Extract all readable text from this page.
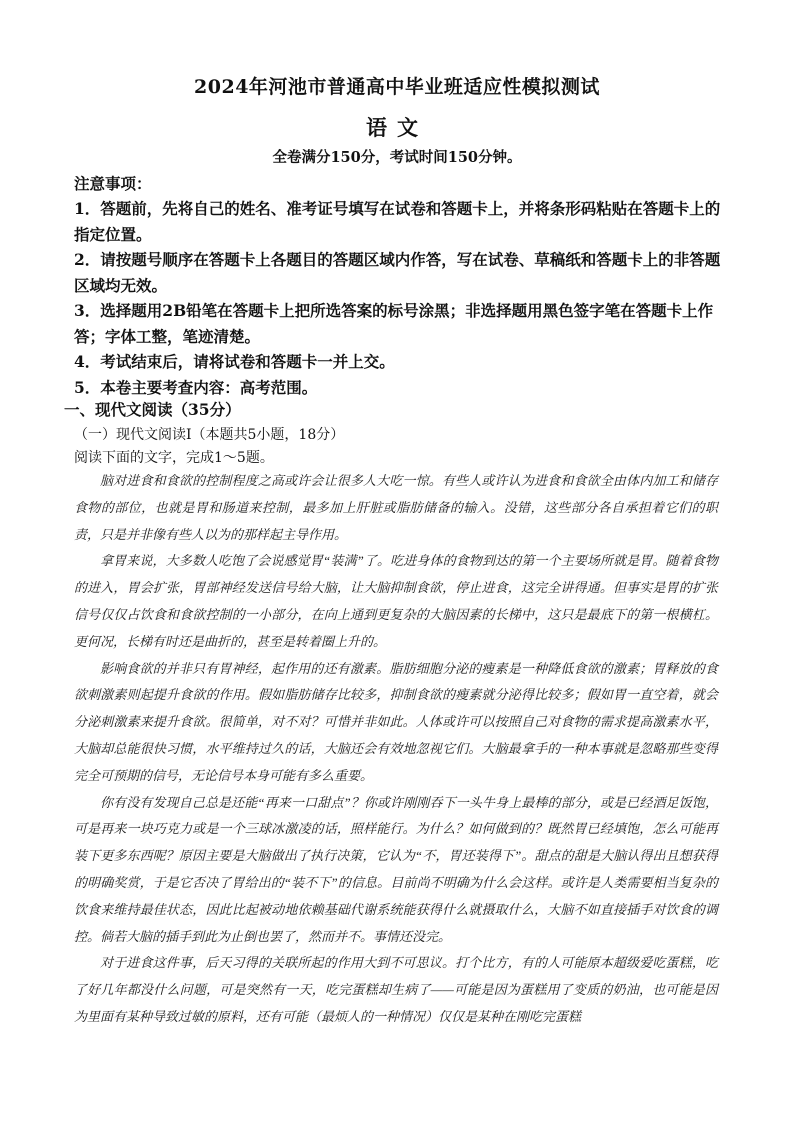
2024年河池市普通高中毕业班适应性模拟测试
语文
全卷满分150分，考试时间150分钟。
注意事项：
1．答题前，先将自己的姓名、准考证号填写在试卷和答题卡上，并将条形码粘贴在答题卡上的指定位置。
2．请按题号顺序在答题卡上各题目的答题区域内作答，写在试卷、草稿纸和答题卡上的非答题区域均无效。
3．选择题用2B铅笔在答题卡上把所选答案的标号涂黑；非选择题用黑色签字笔在答题卡上作答；字体工整，笔迹清楚。
4．考试结束后，请将试卷和答题卡一并上交。
5．本卷主要考查内容：高考范围。
一、现代文阅读（35分）
（一）现代文阅读Ⅰ（本题共5小题，18分）
阅读下面的文字，完成1～5题。

脑对进食和食欲的控制程度之高或许会让很多人大吃一惊。有些人或许认为进食和食欲全由体内加工和储存食物的部位，也就是胃和肠道来控制，最多加上肝脏或脂肪储备的输入。没错，这些部分各自承担着它们的职责，只是并非像有些人以为的那样起主导作用。

拿胃来说，大多数人吃饱了会说感觉胃“装满”了。吃进身体的食物到达的第一个主要场所就是胃。随着食物的进入，胃会扩张，胃部神经发送信号给大脑，让大脑抑制食欲，停止进食，这完全讲得通。但事实是胃的扩张信号仅仅占饮食和食欲控制的一小部分，在向上通到更复杂的大脑因素的长梯中，这只是最底下的第一根横杠。更何况，长梯有时还是曲折的，甚至是转着圈上升的。

影响食欲的并非只有胃神经，起作用的还有激素。脂肪细胞分泌的瘦素是一种降低食欲的激素；胃释放的食欲刺激素则起提升食欲的作用。假如脂肪储存比较多，抑制食欲的瘦素就分泌得比较多；假如胃一直空着，就会分泌刺激素来提升食欲。很简单，对不对？可惜并非如此。人体或许可以按照自己对食物的需求提高激素水平，大脑却总能很快习惯，水平维持过久的话，大脑还会有效地忽视它们。大脑最拿手的一种本事就是忽略那些变得完全可预期的信号，无论信号本身可能有多么重要。

你有没有发现自己总是还能“再来一口甜点”？你或许刚刚吞下一头牛身上最棒的部分，或是已经酒足饭饱，可是再来一块巧克力或是一个三球冰激凌的话，照样能行。为什么？如何做到的？既然胃已经填饱，怎么可能再装下更多东西呢？原因主要是大脑做出了执行决策，它认为“不，胃还装得下”。甜点的甜是大脑认得出且想获得的明确奖赏，于是它否决了胃给出的“装不下”的信息。目前尚不明确为什么会这样。或许是人类需要相当复杂的饮食来维持最佳状态，因此比起被动地依赖基础代谢系统能获得什么就摄取什么，大脑不如直接插手对饮食的调控。倘若大脑的插手到此为止倒也罢了，然而并不。事情还没完。

对于进食这件事，后天习得的关联所起的作用大到不可思议。打个比方，有的人可能原本超级爱吃蛋糕，吃了好几年都没什么问题，可是突然有一天，吃完蛋糕却生病了——可能是因为蛋糕用了变质的奶油，也可能是因为里面有某种导致过敏的原料，还有可能（最烦人的一种情况）仅仅是某种在刚吃完蛋糕
